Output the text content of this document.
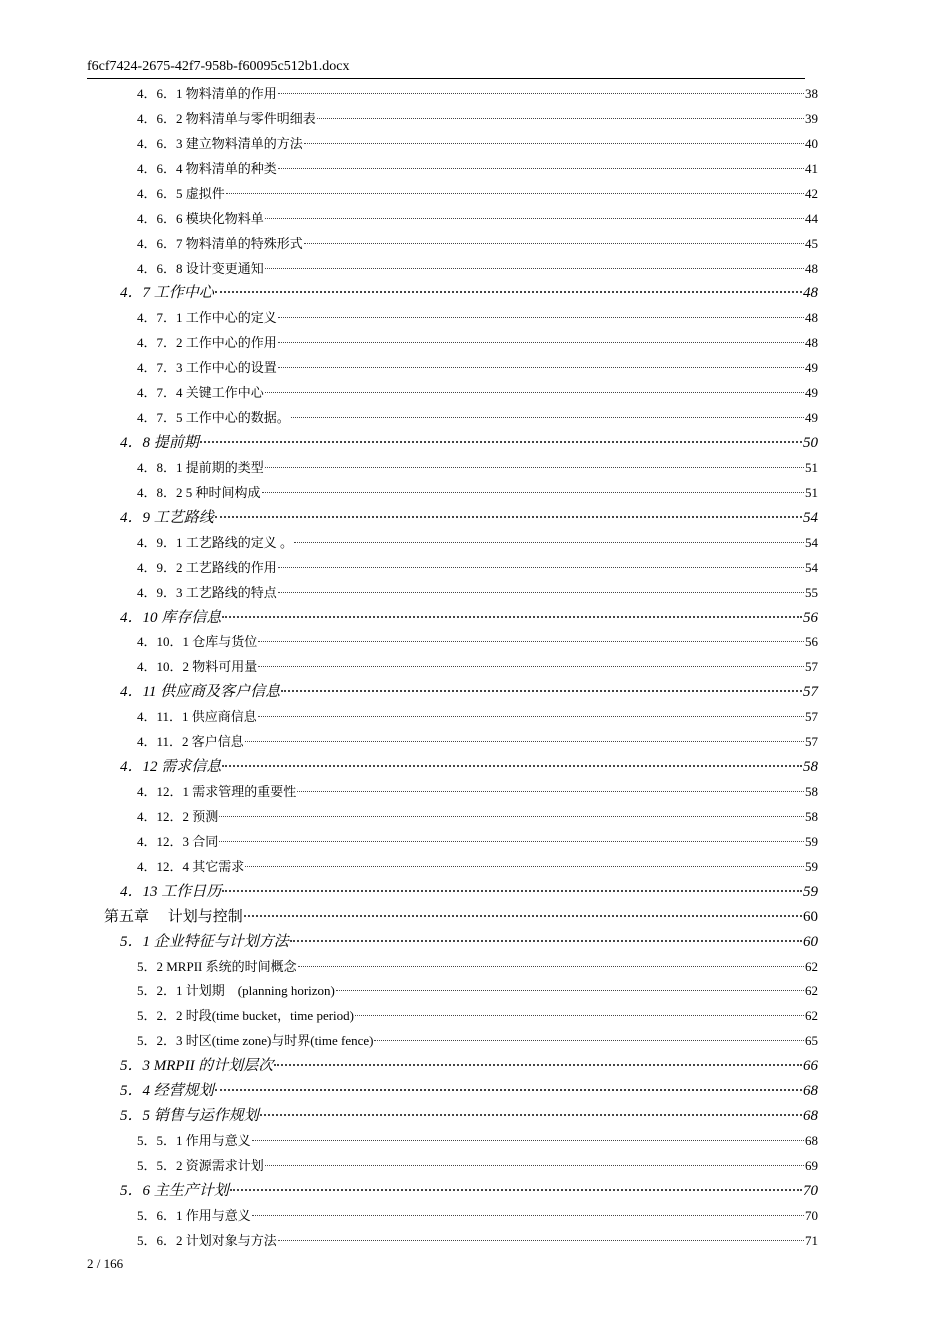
f6cf7424-2675-42f7-958b-f60095c512b1.docx
4．6．1 物料清单的作用	38
4．6．2 物料清单与零件明细表	39
4．6．3 建立物料清单的方法	40
4．6．4 物料清单的种类	41
4．6．5 虚拟件	42
4．6．6 模块化物料单	44
4．6．7 物料清单的特殊形式	45
4．6．8 设计变更通知	48
4．7 工作中心	48
4．7．1 工作中心的定义	48
4．7．2 工作中心的作用	48
4．7．3 工作中心的设置	49
4．7．4 关键工作中心	49
4．7．5 工作中心的数据。	49
4．8 提前期	50
4．8．1 提前期的类型	51
4．8．2 5 种时间构成	51
4．9 工艺路线	54
4．9．1 工艺路线的定义 。	54
4．9．2 工艺路线的作用	54
4．9．3 工艺路线的特点	55
4．10 库存信息	56
4．10．1 仓库与货位	56
4．10．2 物料可用量	57
4．11 供应商及客户信息	57
4．11．1 供应商信息	57
4．11．2 客户信息	57
4．12 需求信息	58
4．12．1 需求管理的重要性	58
4．12．2 预测	58
4．12．3 合同	59
4．12．4 其它需求	59
4．13 工作日历	59
第五章　 计划与控制	60
5．1 企业特征与计划方法	60
5．2 MRPII 系统的时间概念	62
5．2．1 计划期　(planning horizon)	62
5．2．2 时段(time bucket，time period)	62
5．2．3 时区(time zone)与时界(time fence)	65
5．3 MRPII 的计划层次	66
5．4 经营规划	68
5．5 销售与运作规划	68
5．5．1 作用与意义	68
5．5．2 资源需求计划	69
5．6 主生产计划	70
5．6．1 作用与意义	70
5．6．2 计划对象与方法	71
2 / 166
